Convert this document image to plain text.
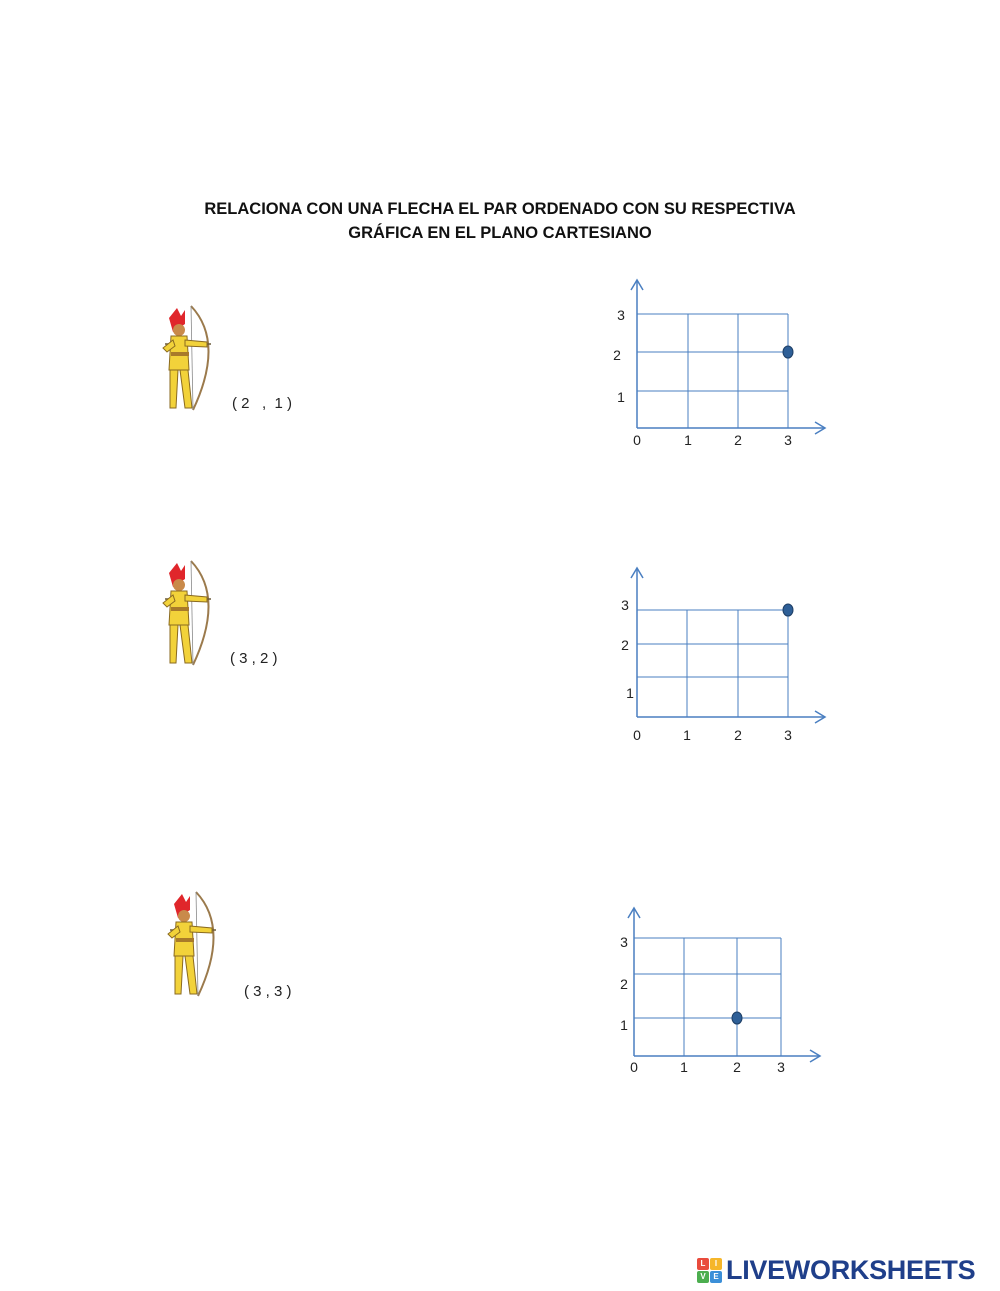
RELACIONA CON UNA FLECHA EL PAR ORDENADO CON SU RESPECTIVA
GRÁFICA EN EL PLANO CARTESIANO
( 2   ,  1 )
( 3 , 2 )
( 3 , 3 )
0	1	2	3
1
2
3
0	1	2	3
1
2
3
0	1	2	3
1
2
3
L	I
V E LIVEWORKSHEETS
